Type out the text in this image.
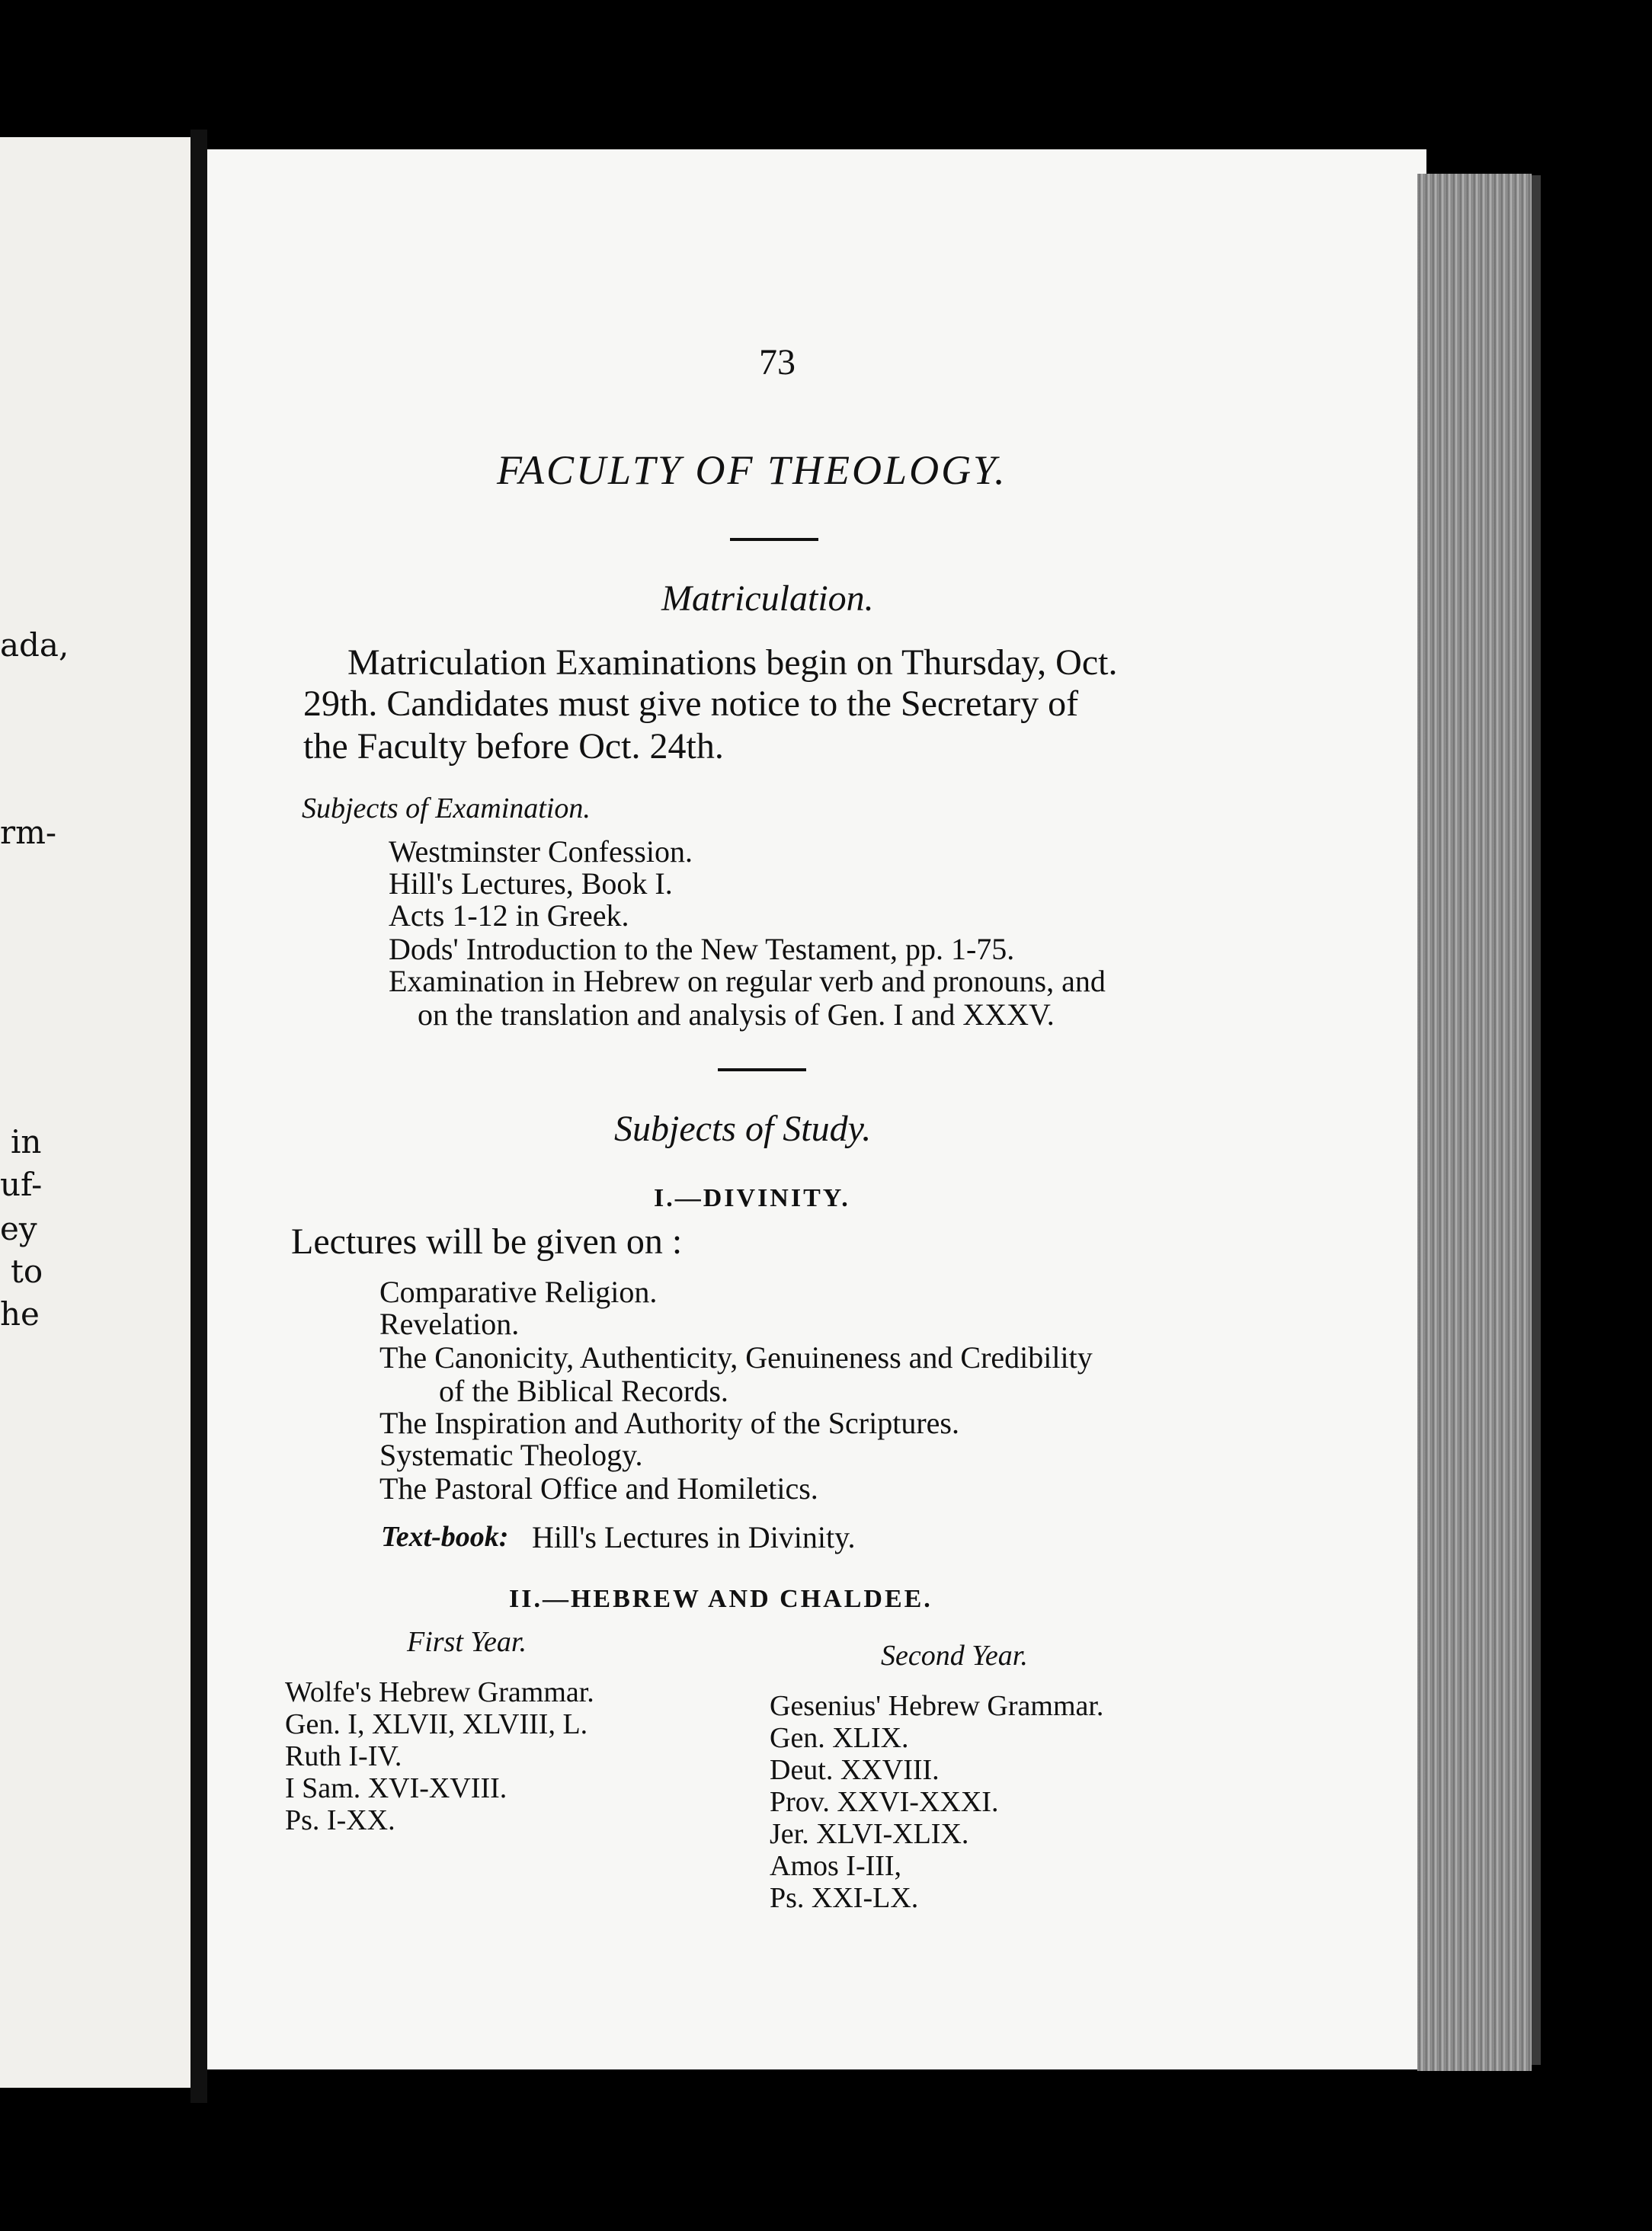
ada,
rm-
in
uf-
ey
to
he
73
FACULTY OF THEOLOGY.
Matriculation.
Matriculation Examinations begin on Thursday, Oct.
29th. Candidates must give notice to the Secretary of
the Faculty before Oct. 24th.
Subjects of Examination.
Westminster Confession.
Hill's Lectures, Book I.
Acts 1-12 in Greek.
Dods' Introduction to the New Testament, pp. 1-75.
Examination in Hebrew on regular verb and pronouns, and
on the translation and analysis of Gen. I and XXXV.
Subjects of Study.
I.—DIVINITY.
Lectures will be given on :
Comparative Religion.
Revelation.
The Canonicity, Authenticity, Genuineness and Credibility
of the Biblical Records.
The Inspiration and Authority of the Scriptures.
Systematic Theology.
The Pastoral Office and Homiletics.
Text-book: Hill's Lectures in Divinity.
II.—HEBREW AND CHALDEE.
First Year.	Second Year.
Wolfe's Hebrew Grammar.
Gen. I, XLVII, XLVIII, L.
Ruth I-IV.
I Sam. XVI-XVIII.
Ps. I-XX.
Gesenius' Hebrew Grammar.
Gen. XLIX.
Deut. XXVIII.
Prov. XXVI-XXXI.
Jer. XLVI-XLIX.
Amos I-III,
Ps. XXI-LX.
